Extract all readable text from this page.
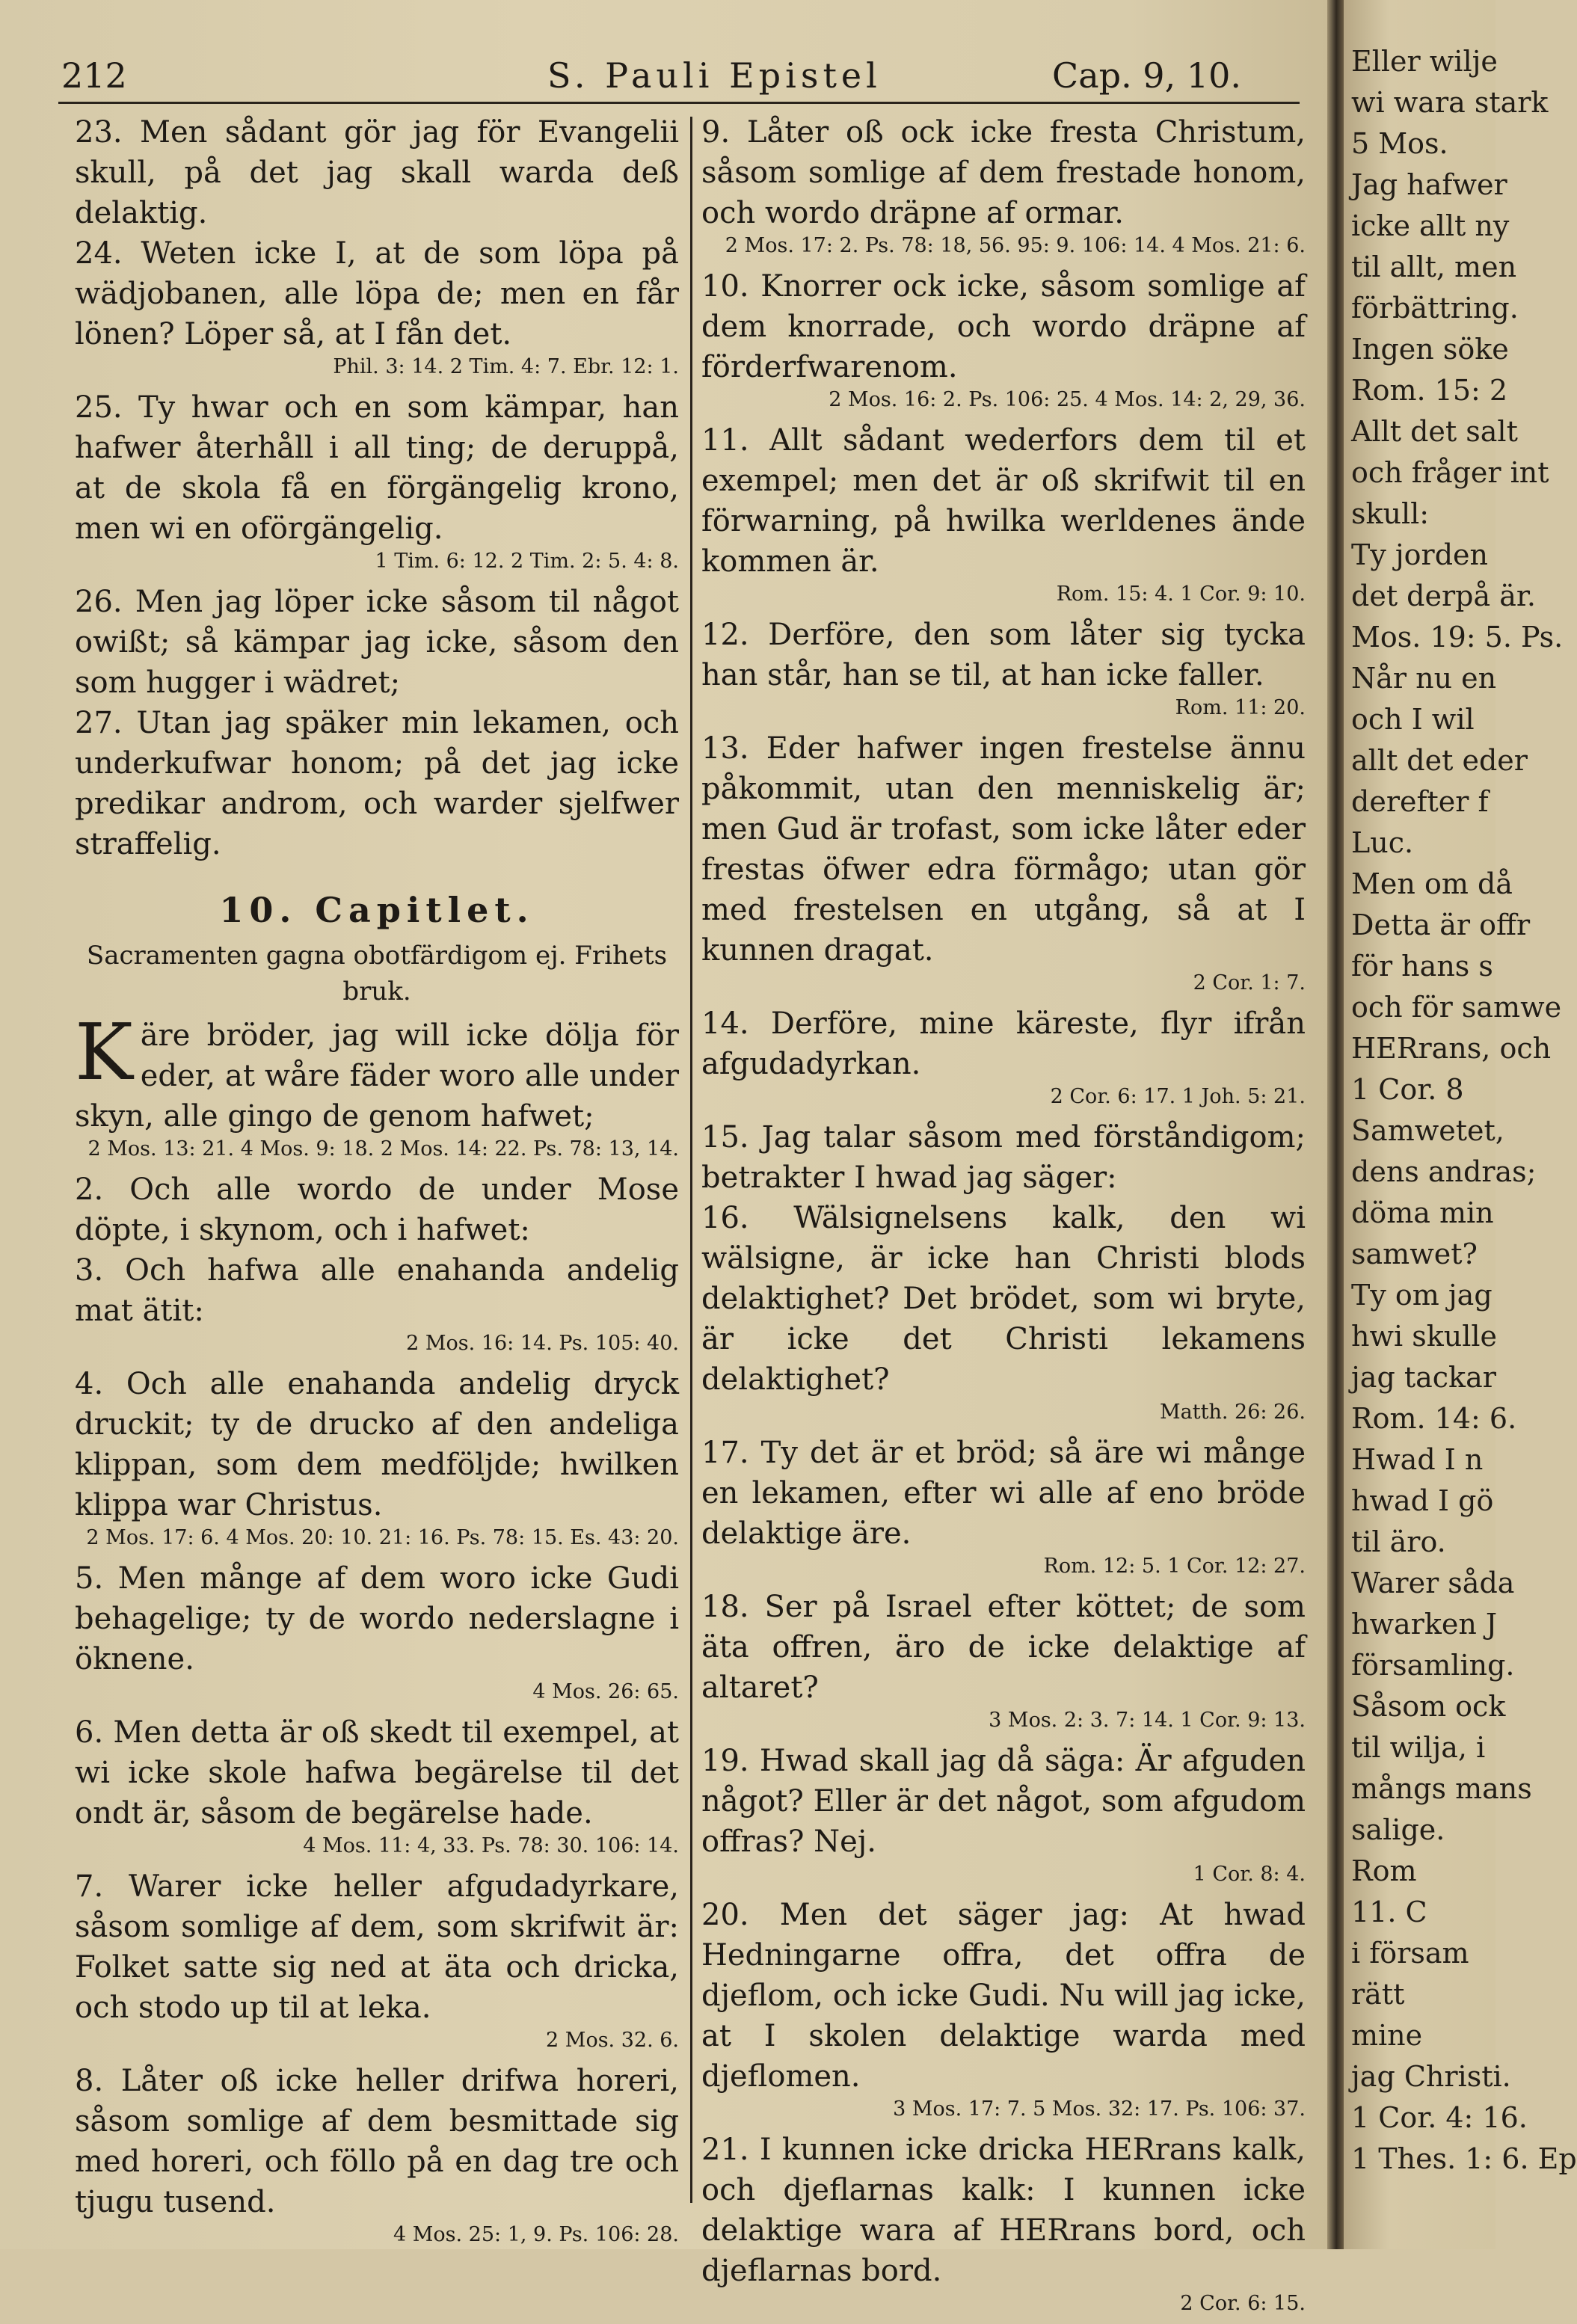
212	S. Pauli Epistel	Cap. 9, 10.

23. Men sådant gör jag för Evangelii skull, på det jag skall warda deß delaktig.

24. Weten icke I, at de som löpa på wädjobanen, alle löpa de; men en får lönen? Löper så, at I fån det.

Phil. 3: 14. 2 Tim. 4: 7. Ebr. 12: 1.

25. Ty hwar och en som kämpar, han hafwer återhåll i all ting; de deruppå, at de skola få en förgängelig krono, men wi en oförgängelig.

1 Tim. 6: 12. 2 Tim. 2: 5. 4: 8.

26. Men jag löper icke såsom til något owißt; så kämpar jag icke, såsom den som hugger i wädret;

27. Utan jag späker min lekamen, och underkufwar honom; på det jag icke predikar androm, och warder sjelfwer straffelig.

10. Capitlet.

Sacramenten gagna obotfärdigom ej. Frihets bruk.

Käre bröder, jag will icke dölja för eder, at wåre fäder woro alle under skyn, alle gingo de genom hafwet;

2 Mos. 13: 21. 4 Mos. 9: 18. 2 Mos. 14: 22. Ps. 78: 13, 14.

2. Och alle wordo de under Mose döpte, i skynom, och i hafwet:

3. Och hafwa alle enahanda andelig mat ätit:

2 Mos. 16: 14. Ps. 105: 40.

4. Och alle enahanda andelig dryck druckit; ty de drucko af den andeliga klippan, som dem medföljde; hwilken klippa war Christus.

2 Mos. 17: 6. 4 Mos. 20: 10. 21: 16. Ps. 78: 15. Es. 43: 20.

5. Men månge af dem woro icke Gudi behagelige; ty de wordo nederslagne i öknene.

4 Mos. 26: 65.

6. Men detta är oß skedt til exempel, at wi icke skole hafwa begärelse til det ondt är, såsom de begärelse hade.

4 Mos. 11: 4, 33. Ps. 78: 30. 106: 14.

7. Warer icke heller afgudadyrkare, såsom somlige af dem, som skrifwit är: Folket satte sig ned at äta och dricka, och stodo up til at leka.

2 Mos. 32. 6.

8. Låter oß icke heller drifwa horeri, såsom somlige af dem besmittade sig med horeri, och föllo på en dag tre och tjugu tusend.

4 Mos. 25: 1, 9. Ps. 106: 28.

9. Låter oß ock icke fresta Christum, såsom somlige af dem frestade honom, och wordo dräpne af ormar.

2 Mos. 17: 2. Ps. 78: 18, 56. 95: 9. 106: 14. 4 Mos. 21: 6.

10. Knorrer ock icke, såsom somlige af dem knorrade, och wordo dräpne af förderfwarenom.

2 Mos. 16: 2. Ps. 106: 25. 4 Mos. 14: 2, 29, 36.

11. Allt sådant wederfors dem til et exempel; men det är oß skrifwit til en förwarning, på hwilka werldenes ände kommen är.

Rom. 15: 4. 1 Cor. 9: 10.

12. Derföre, den som låter sig tycka han står, han se til, at han icke faller.

Rom. 11: 20.

13. Eder hafwer ingen frestelse ännu påkommit, utan den menniskelig är; men Gud är trofast, som icke låter eder frestas öfwer edra förmågo; utan gör med frestelsen en utgång, så at I kunnen dragat.

2 Cor. 1: 7.

14. Derföre, mine käreste, flyr ifrån afgudadyrkan.

2 Cor. 6: 17. 1 Joh. 5: 21.

15. Jag talar såsom med förståndigom; betrakter I hwad jag säger:

16. Wälsignelsens kalk, den wi wälsigne, är icke han Christi blods delaktighet? Det brödet, som wi bryte, är icke det Christi lekamens delaktighet?

Matth. 26: 26.

17. Ty det är et bröd; så äre wi månge en lekamen, efter wi alle af eno bröde delaktige äre.

Rom. 12: 5. 1 Cor. 12: 27.

18. Ser på Israel efter köttet; de som äta offren, äro de icke delaktige af altaret?

3 Mos. 2: 3. 7: 14. 1 Cor. 9: 13.

19. Hwad skall jag då säga: Är afguden något? Eller är det något, som afgudom offras? Nej.

1 Cor. 8: 4.

20. Men det säger jag: At hwad Hedningarne offra, det offra de djeflom, och icke Gudi. Nu will jag icke, at I skolen delaktige warda med djeflomen.

3 Mos. 17: 7. 5 Mos. 32: 17. Ps. 106: 37.

21. I kunnen icke dricka HERrans kalk, och djeflarnas kalk: I kunnen icke delaktige wara af HERrans bord, och djeflarnas bord.

2 Cor. 6: 15.

Eller wilje
wi wara stark
5 Mos.
Jag hafwer
icke allt ny
til allt, men
förbättring.
Ingen söke
Rom. 15: 2
Allt det salt
och fråger int
skull:
Ty jorden
det derpå är.
Mos. 19: 5. Ps.
Når nu en
och I wil
allt det eder
derefter f
Luc.
Men om då
Detta är offr
för hans s
och för samwe
HERrans, och
1 Cor. 8
Samwetet,
dens andras;
döma min
samwet?
Ty om jag
hwi skulle
jag tackar
Rom. 14: 6.
Hwad I n
hwad I gö
til äro.
Warer såda
hwarken J
församling.
Såsom ock
til wilja, i
mångs mans
salige.
Rom
11. C
i försam
rätt
mine
jag Christi.
1 Cor. 4: 16.
1 Thes. 1: 6. Ep
